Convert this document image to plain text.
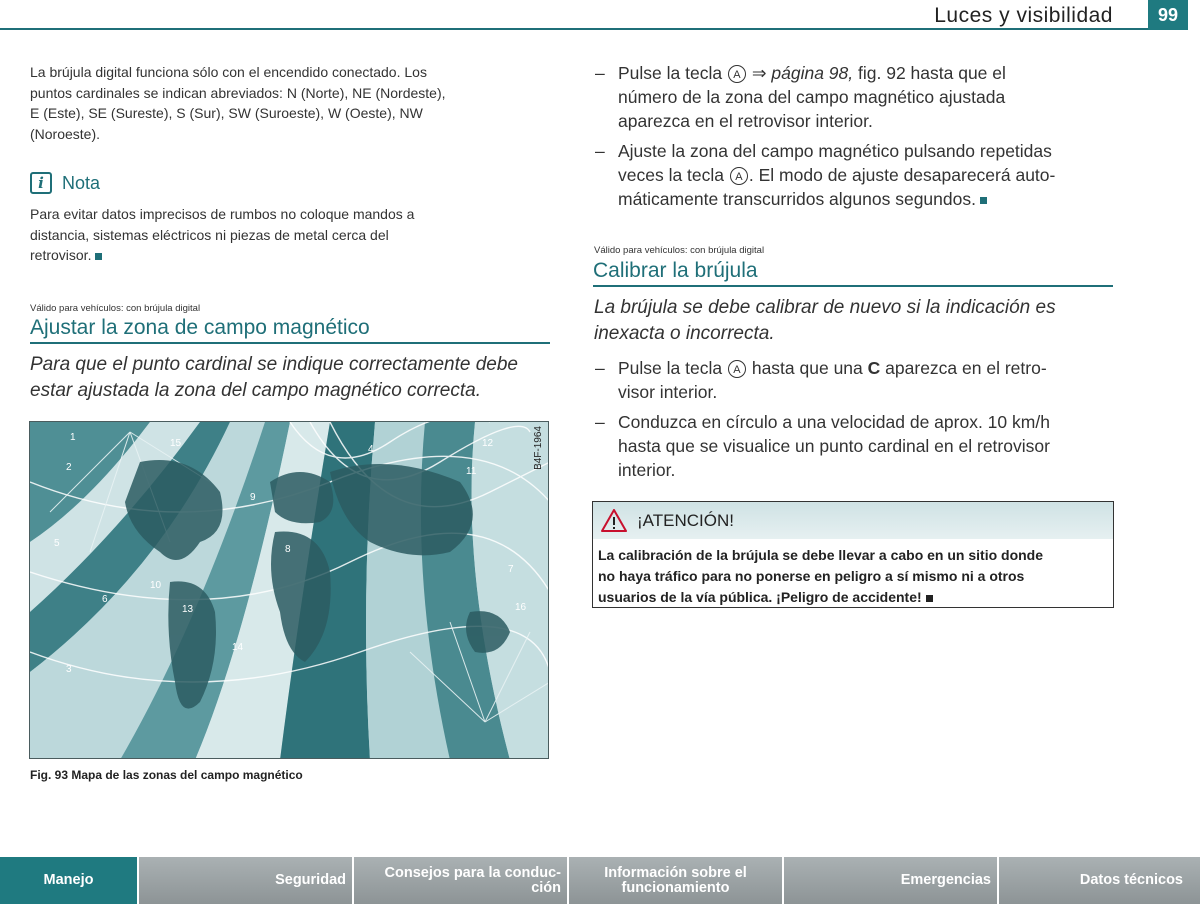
Luces y visibilidad	99
La brújula digital funciona sólo con el encendido conectado. Los
puntos cardinales se indican abreviados: N (Norte), NE (Nordeste),
E (Este), SE (Sureste), S (Sur), SW (Suroeste), W (Oeste), NW
(Noroeste).
i	Nota
Para evitar datos imprecisos de rumbos no coloque mandos a
distancia, sistemas eléctricos ni piezas de metal cerca del
retrovisor.
Válido para vehículos: con brújula digital
Ajustar la zona de campo magnético
Para que el punto cardinal se indique correctamente debe
estar ajustada la zona del campo magnético correcta.
1
2
3
5
6
10
9
11
12
13
14
15
4
7
8
16
B4F-1964
Fig. 93 Mapa de las zonas del campo magnético
– Pulse la tecla A ⇒ página 98, fig. 92 hasta que el
número de la zona del campo magnético ajustada
aparezca en el retrovisor interior.
– Ajuste la zona del campo magnético pulsando repetidas
veces la tecla A . El modo de ajuste desaparecerá auto-
máticamente transcurridos algunos segundos.
Válido para vehículos: con brújula digital
Calibrar la brújula
La brújula se debe calibrar de nuevo si la indicación es
inexacta o incorrecta.
– Pulse la tecla A hasta que una C aparezca en el retro-
visor interior.
– Conduzca en círculo a una velocidad de aprox. 10 km/h
hasta que se visualice un punto cardinal en el retrovisor
interior.
¡ATENCIÓN!
La calibración de la brújula se debe llevar a cabo en un sitio donde
no haya tráfico para no ponerse en peligro a sí mismo ni a otros
usuarios de la vía pública. ¡Peligro de accidente!
Manejo	Seguridad	Consejos para la conduc-
ción
Información sobre el
funcionamiento	Emergencias	Datos técnicos
